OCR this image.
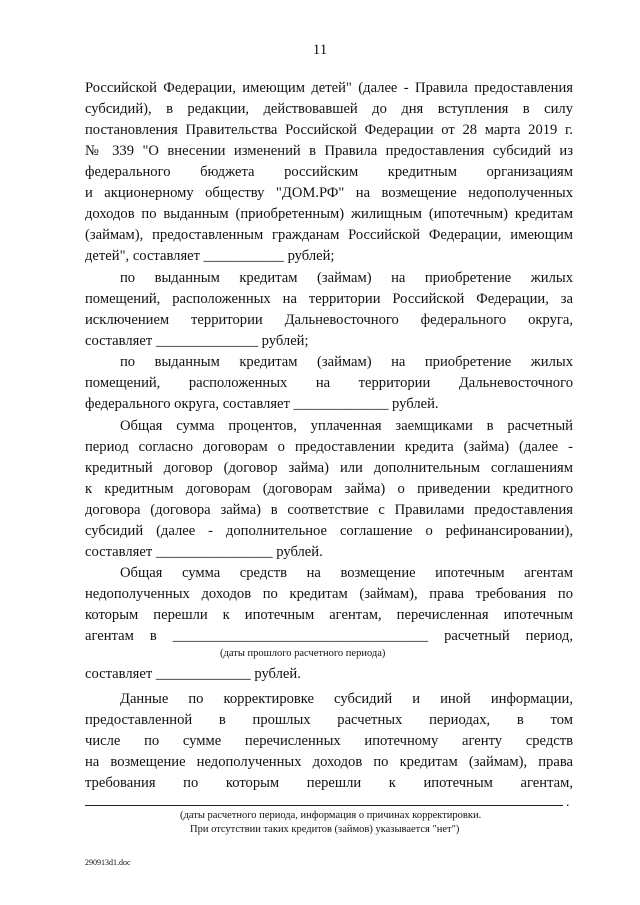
11
Российской Федерации, имеющим детей" (далее - Правила предоставления
субсидий), в редакции, действовавшей до дня вступления в силу
постановления Правительства Российской Федерации от 28 марта 2019 г.
№ 339 "О внесении изменений в Правила предоставления субсидий из
федерального бюджета российским кредитным организациям
и акционерному обществу "ДОМ.РФ" на возмещение недополученных
доходов по выданным (приобретенным) жилищным (ипотечным) кредитам
(займам), предоставленным гражданам Российской Федерации, имеющим
детей", составляет ___________ рублей;
по выданным кредитам (займам) на приобретение жилых
помещений, расположенных на территории Российской Федерации, за
исключением территории Дальневосточного федерального округа,
составляет ______________ рублей;
по выданным кредитам (займам) на приобретение жилых
помещений, расположенных на территории Дальневосточного
федерального округа, составляет _____________ рублей.
Общая сумма процентов, уплаченная заемщиками в расчетный
период согласно договорам о предоставлении кредита (займа) (далее -
кредитный договор (договор займа) или дополнительным соглашениям
к кредитным договорам (договорам займа) о приведении кредитного
договора (договора займа) в соответствие с Правилами предоставления
субсидий (далее - дополнительное соглашение о рефинансировании),
составляет ________________ рублей.
Общая сумма средств на возмещение ипотечным агентам
недополученных доходов по кредитам (займам), права требования по
которым перешли к ипотечным агентам, перечисленная ипотечным
агентам в ___________________________________ расчетный период,
(даты прошлого расчетного периода)
составляет _____________ рублей.
Данные по корректировке субсидий и иной информации,
предоставленной в прошлых расчетных периодах, в том
числе по сумме перечисленных ипотечному агенту средств
на возмещение недополученных доходов по кредитам (займам), права
требования по которым перешли к ипотечным агентам,
.
(даты расчетного периода, информация о причинах корректировки.
При отсутствии таких кредитов (займов) указывается "нет")
290913d1.doc
